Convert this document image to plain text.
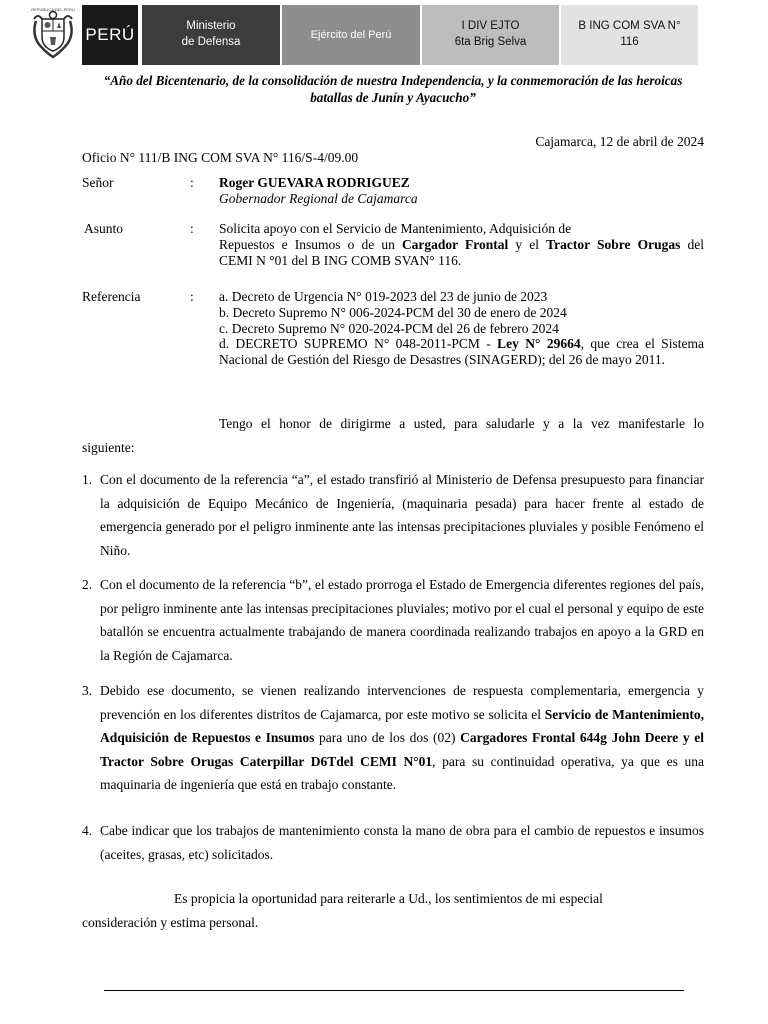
REPÚBLICA DEL PERÚ
PERÚ	Ministerio
de Defensa
Ejército del Perú
I DIV EJTO
6ta Brig Selva
B ING COM SVA N°
116
“Año del Bicentenario, de la consolidación de nuestra Independencia, y la conmemoración de las heroicas batallas de Junín y Ayacucho”
Cajamarca, 12 de abril de 2024
Oficio N° 111/B ING COM SVA N° 116/S-4/09.00
Señor	: Roger GUEVARA RODRIGUEZ
Gobernador Regional de Cajamarca
Asunto	: Solicita apoyo con el Servicio de Mantenimiento, Adquisición de

Repuestos e Insumos o de un Cargador Frontal y el Tractor Sobre Orugas del
CEMI N °01 del B ING COMB SVAN° 116.
Referencia	: a. Decreto de Urgencia N° 019-2023 del 23 de junio de 2023
b. Decreto Supremo N° 006-2024-PCM del 30 de enero de 2024
c. Decreto Supremo N° 020-2024-PCM del 26 de febrero 2024

d. DECRETO SUPREMO N° 048-2011-PCM - Ley N° 29664, que crea el Sistema
Nacional de Gestión del Riesgo de Desastres (SINAGERD); del 26 de mayo 2011.
Tengo el honor de dirigirme a usted, para saludarle y a la vez manifestarle lo
siguiente:
1. Con el documento de la referencia “a”, el estado transfirió al Ministerio de Defensa presupuesto para financiar la adquisición de Equipo Mecánico de Ingeniería, (maquinaria pesada) para hacer frente al estado de emergencia generado por el peligro inminente ante las intensas precipitaciones pluviales y posible Fenómeno el Niño.
2. Con el documento de la referencia “b”, el estado prorroga el Estado de Emergencia diferentes regiones del país, por peligro inminente ante las intensas precipitaciones pluviales; motivo por el cual el personal y equipo de este batallón se encuentra actualmente trabajando de manera coordinada realizando trabajos en apoyo a la GRD en la Región de Cajamarca.
3. Debido ese documento, se vienen realizando intervenciones de respuesta complementaria, emergencia y prevención en los diferentes distritos de Cajamarca, por este motivo se solicita el Servicio de Mantenimiento, Adquisición de Repuestos e Insumos para uno de los dos (02) Cargadores Frontal 644g John Deere y el Tractor Sobre Orugas Caterpillar D6Tdel CEMI N°01, para su continuidad operativa, ya que es una maquinaria de ingeniería que está en trabajo constante.
4. Cabe indicar que los trabajos de mantenimiento consta la mano de obra para el cambio de repuestos e insumos (aceites, grasas, etc) solicitados.
Es propicia la oportunidad para reiterarle a Ud., los sentimientos de mi especial
consideración y estima personal.
